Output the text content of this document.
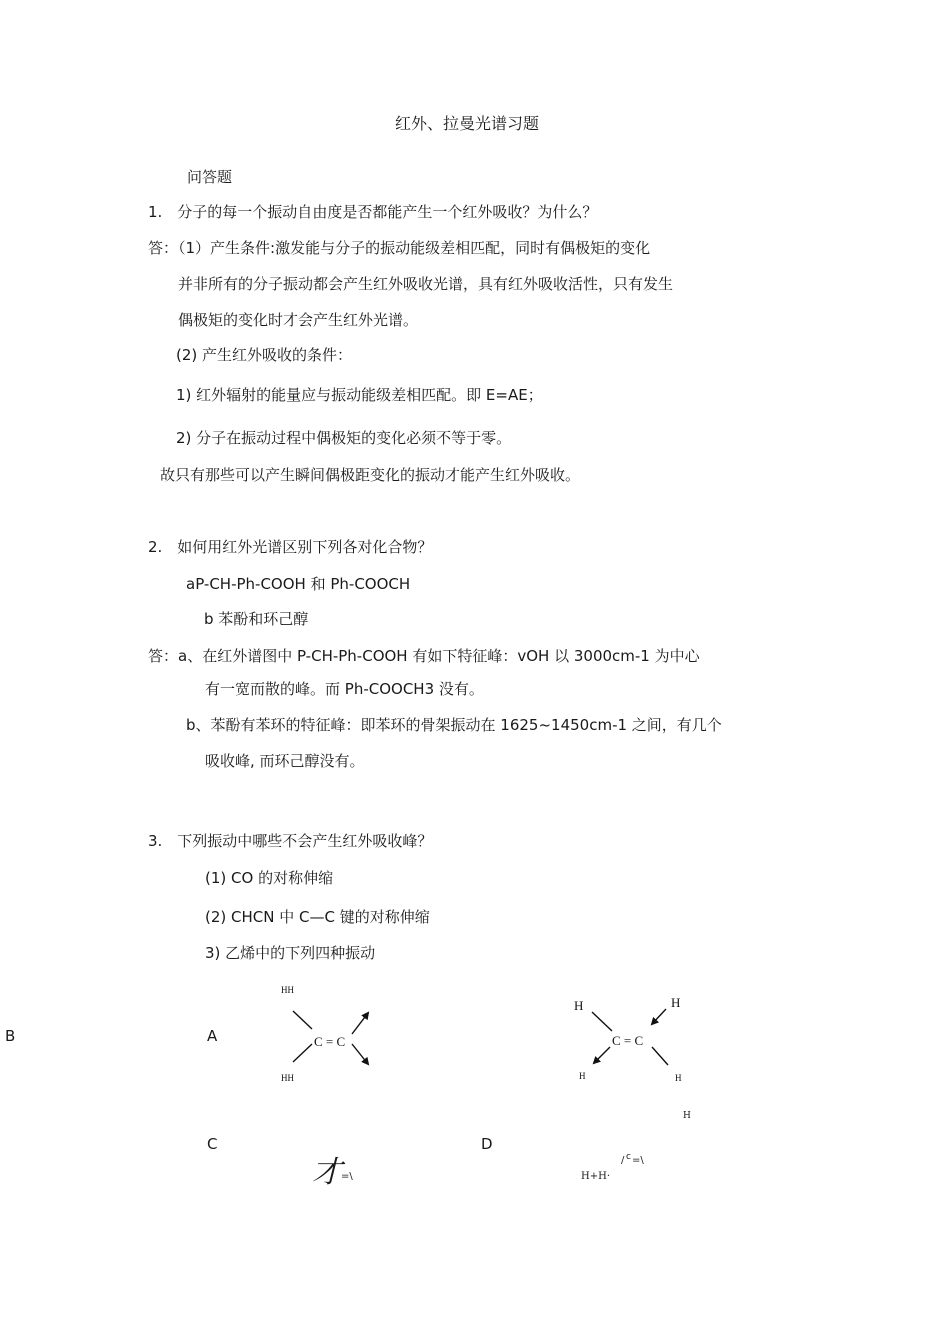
红外、拉曼光谱习题
问答题
1.　分子的每一个振动自由度是否都能产生一个红外吸收？为什么？
答：（1）产生条件:激发能与分子的振动能级差相匹配，同时有偶极矩的变化
并非所有的分子振动都会产生红外吸收光谱，具有红外吸收活性，只有发生
偶极矩的变化时才会产生红外光谱。
(2) 产生红外吸收的条件：
1) 红外辐射的能量应与振动能级差相匹配。即 E=AE；
2) 分子在振动过程中偶极矩的变化必须不等于零。
故只有那些可以产生瞬间偶极距变化的振动才能产生红外吸收。
2.　如何用红外光谱区别下列各对化合物？
aP-CH-Ph-COOH 和 Ph-COOCH
b 苯酚和环己醇
答：a、在红外谱图中 P-CH-Ph-COOH 有如下特征峰：vOH 以 3000cm-1 为中心
有一宽而散的峰。而 Ph-COOCH3 没有。
b、苯酚有苯环的特征峰：即苯环的骨架振动在 1625~1450cm-1 之间，有几个
吸收峰, 而环己醇没有。
3.　下列振动中哪些不会产生红外吸收峰？
(1) CO 的对称伸缩
(2) CHCN 中 C—C 键的对称伸缩
3) 乙烯中的下列四种振动
B	A
C	D
HH
C = C
HH
H	H
C = C
H	H
才 =\
H
/ c =\
H+H·
